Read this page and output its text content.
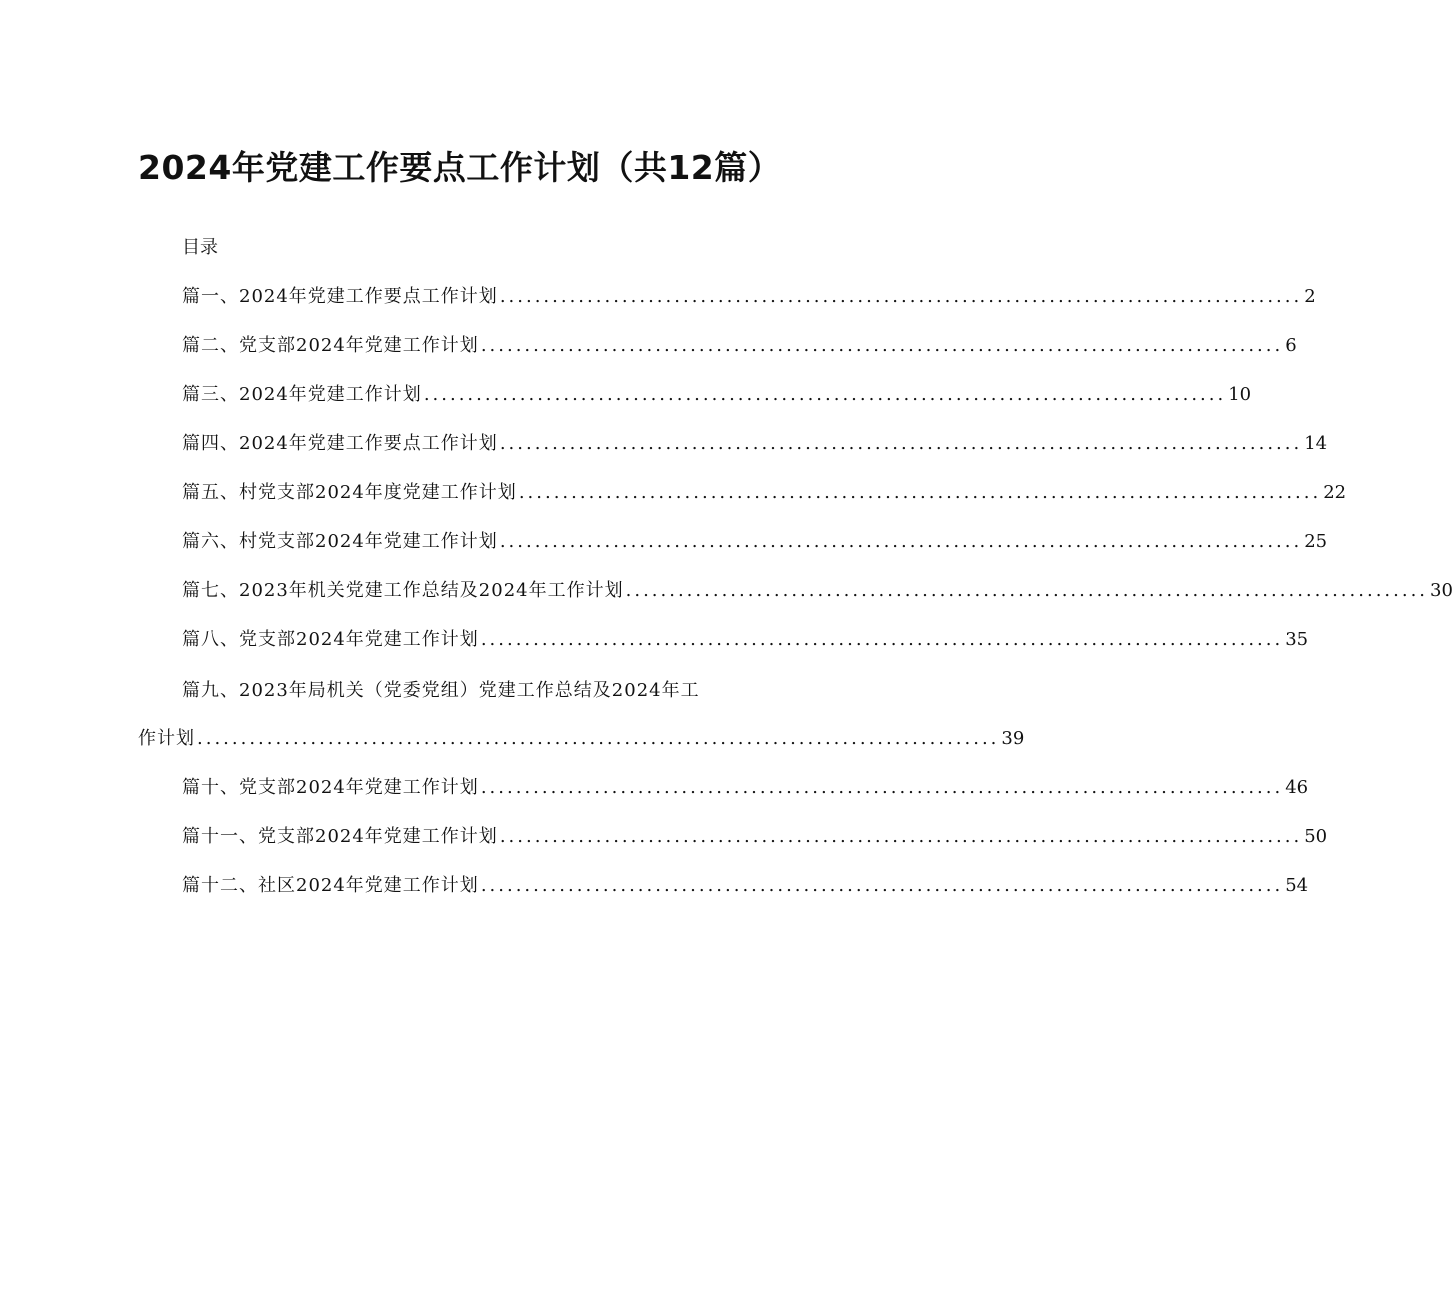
2024年党建工作要点工作计划（共12篇）
目录
篇一、2024年党建工作要点工作计划 ............................................................................................ 2
篇二、党支部2024年党建工作计划 ............................................................................................ 6
篇三、2024年党建工作计划 ............................................................................................ 10
篇四、2024年党建工作要点工作计划 ............................................................................................ 14
篇五、村党支部2024年度党建工作计划 ............................................................................................ 22
篇六、村党支部2024年党建工作计划 ............................................................................................ 25
篇七、2023年机关党建工作总结及2024年工作计划 ............................................................................................ 30
篇八、党支部2024年党建工作计划 ............................................................................................ 35
篇九、2023年局机关（党委党组）党建工作总结及2024年工
作计划 ............................................................................................ 39
篇十、党支部2024年党建工作计划 ............................................................................................ 46
篇十一、党支部2024年党建工作计划 ............................................................................................ 50
篇十二、社区2024年党建工作计划 ............................................................................................ 54
